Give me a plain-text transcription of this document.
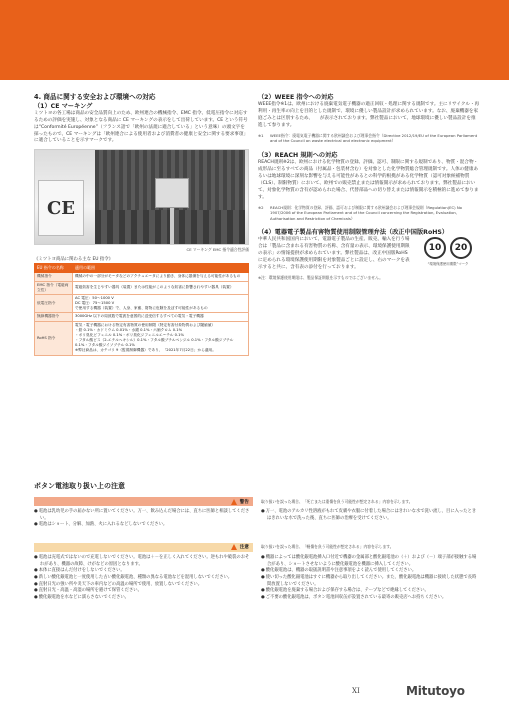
4. 商品に関する安全および環境への対応
（1）CE マーキング

ミツトヨの各工場は商品の安全品質向上のため、欧州連合の機械指令、EMC 指令、低電圧指令に対応するための評価を実施し、対象となる商品に CE マーキングの表示をして出荷しています。CE という符号は“Conformité Européenne”（フランス語で「欧州の法規に適合している」という意味）の頭文字を採ったもので、CE マーキングは「欧州連合による使用者および消費者の健康と安全に関する要求事項」に適合していることを示すマークです。

CE
CE マーキング EMC 指令適合性評価
《ミツトヨ商品に関わる主な EU 指令》
EU 指令の名称	適用の範囲
機械指令	機械の中の一部分がモータなどのアクチュエータにより動き、身体に損傷を与える可能性があるもの
EMC 指令（電磁両立性）	電磁妨害を生じやすい器具（装置）または性能がこのような妨害に影響されやすい器具（装置）
低電圧指令	AC 電圧：50〜1000 V
DC 電圧：75〜1500 V
で使用する機器（装置）で、人身、家畜、財物に危険を及ぼす可能性があるもの
無線機器指令	3000GHz 以下の周波数で電波を意図的に送受信するすべての電気・電子機器
RoHS 指令	電気・電子機器における特定有害物質の使用制限（特定有害付象物質および閾値値）
・鉛 0.1%・カドミウム 0.01%・水銀 0.1%・六価クロム 0.1%
・ポリ臭化ビフェニル 0.1%・ポリ臭化ジフェニルエーテル 0.1%
・フタル酸ビス（2-エチルヘキシル）0.1%・フタル酸ブチルベンジル 0.1%・フタル酸ジブチル 0.1%・フタル酸ジイソブチル 0.1%
※弊社商品は、カテゴリ 9（監視制御機器）であり、「2021年7月22日」から適用。
（2）WEEE 指令への対応

WEEE指令※1は、欧州における廃棄電気電子機器の適正回収・処理に関する規制です。主にリサイクル・再利用・再生率の向上を目的とした規制で、環境に優しい製品設計が求められています。なお、廃棄機器を家庭ごみとは区別するため、　　が表示されております。弊社製品において、地球環境に優しい製品設計を推進して参ります。

※1	WEEE指令：廃電気電子機器に関する欧州議会および理事会指令（Directive 2012/19/EU of the European Parliament and of the Council on waste electrical and electronic equipment）
（3）REACH 規則への対応

REACH規則※2は、欧州における化学物質の登録、評価、認可、制限に関する規制であり、物質・混合物・成形品に至るすべての商品（付属品・包装材含む）を対象とした化学物質総合管理規制です。人体の健康あるいは地球環境に深刻な影響を与える可能性があるとの科学的根拠がある化学物質（認可対象候補物質（CLS）、制限物質）において、欧州での販売禁止または情報開示が求められております。弊社製品において、対象化学物質の含有が認められた場合、代替部品への切り替えまたは情報開示を積極的に進めて参ります。

※2	REACH規則：化学物質の登録、評価、認可および制限に関する欧州議会および理事会規則（Regulation(EC) No 1907/2006 of the European Parliament and of the Council concerning the Registration, Evaluation, Authorisation and Restriction of Chemicals）
（4）電器電子製品有害物質使用制限管理弁法（改正中国版RoHS）

中華人民共和国国内において、電器電子製品の生産、販売、輸入を行う場合は「製品に含まれる有害物質の名称、含有量の表示、環境保護使用期限の表示」の情報提供が求められています。弊社製品は、改正中国版RoHSに定められる環境保護使用期限を対象製品ごとに設定し、右のマークを表示すると共に、含有表の添付を行っております。

10	20
“環境保護使用期限”マーク
※注：環境保護使用期限は、製品保証期限を示すものではございません。
ボタン電池取り扱い上の注意
警告	取り扱いを誤った場合、「死亡または重傷を負う可能性が想定される」内容を示します。
● 電池は乳幼児の手の届かない所に置いてください。万一、飲み込んだ場合には、直ちに医師と相談してください。
● 電池はショート、分解、加熱、火に入れるなどしないでください。
● 万一、電池のアルカリ性溶液がもれて皮膚や衣服に付着した場合にはきれいな水で洗い流し、目に入ったときはきれいな水で洗った後、直ちに医師の治療を受けてください。
注意	取り扱いを誤った場合、「軽傷を負う可能性が想定される」内容を示します。
● 電池は充電式ではないので充電しないでください。電池は＋－を正しく入れてください。逆もれや破裂のおそれがあり、機器の故障、けがなどの原因となります。
● 本体に直接はんだ付けをしないでください。
● 新しい酸化銀電池と一度使用した古い酸化銀電池、種類の異なる電池などを混用しないでください。
● 直射日光の強い所や炎天下の車内などの高温の場所で使用、放置しないでください。
● 直射日光・高温・高湿の場所を避けて保管ください。
● 酸化銀電池を水などに濡らさないでください。
● 機器によっては酸化銀電池挿入口付近で機器の金属部と酸化銀電池の（＋）および（－）端子部が接触する場合があり、ショートさせないように酸化銀電池を機器に挿入してください。
● 酸化銀電池は、機器の取扱説明書や注意事項をよく読んで使用してください。
● 使い切った酸化銀電池はすぐに機器から取り出してください。また、酸化銀電池は機器に接続した状態で長時間放置しないでください。
● 酸化銀電池を廃棄する場合および保存する場合は、テープなどで絶縁してください。
● ご不要の酸化銀電池は、ボタン電池回収缶が設置されている最寄の販売店へお持ちください。
XI	Mitutoyo
